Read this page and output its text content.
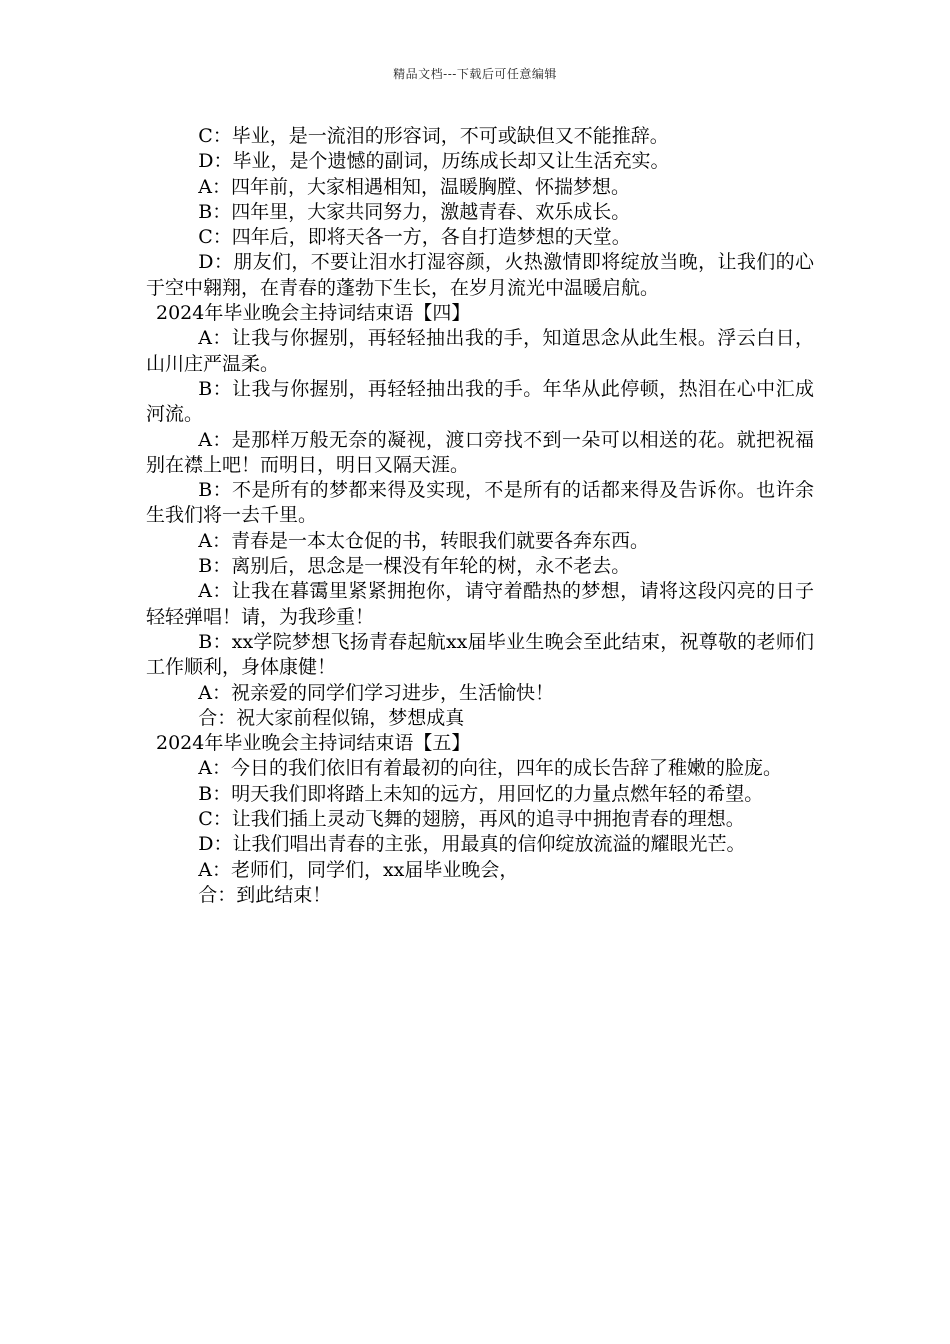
精品文档---下载后可任意编辑

C：毕业，是一流泪的形容词，不可或缺但又不能推辞。

D：毕业，是个遗憾的副词，历练成长却又让生活充实。

A：四年前，大家相遇相知，温暖胸膛、怀揣梦想。

B：四年里，大家共同努力，激越青春、欢乐成长。

C：四年后，即将天各一方，各自打造梦想的天堂。

D：朋友们，不要让泪水打湿容颜，火热激情即将绽放当晚，让我们的心于空中翱翔，在青春的蓬勃下生长，在岁月流光中温暖启航。

2024年毕业晚会主持词结束语【四】

A：让我与你握别，再轻轻抽出我的手，知道思念从此生根。浮云白日，山川庄严温柔。

B：让我与你握别，再轻轻抽出我的手。年华从此停顿，热泪在心中汇成河流。

A：是那样万般无奈的凝视，渡口旁找不到一朵可以相送的花。就把祝福别在襟上吧！而明日，明日又隔天涯。

B：不是所有的梦都来得及实现，不是所有的话都来得及告诉你。也许余生我们将一去千里。

A：青春是一本太仓促的书，转眼我们就要各奔东西。

B：离别后，思念是一棵没有年轮的树，永不老去。

A：让我在暮霭里紧紧拥抱你，请守着酷热的梦想，请将这段闪亮的日子轻轻弹唱！请，为我珍重！

B：xx学院梦想飞扬青春起航xx届毕业生晚会至此结束，祝尊敬的老师们工作顺利，身体康健！

A：祝亲爱的同学们学习进步，生活愉快！

合：祝大家前程似锦，梦想成真

2024年毕业晚会主持词结束语【五】

A：今日的我们依旧有着最初的向往，四年的成长告辞了稚嫩的脸庞。

B：明天我们即将踏上未知的远方，用回忆的力量点燃年轻的希望。

C：让我们插上灵动飞舞的翅膀，再风的追寻中拥抱青春的理想。

D：让我们唱出青春的主张，用最真的信仰绽放流溢的耀眼光芒。

A：老师们，同学们，xx届毕业晚会，

合：到此结束！
